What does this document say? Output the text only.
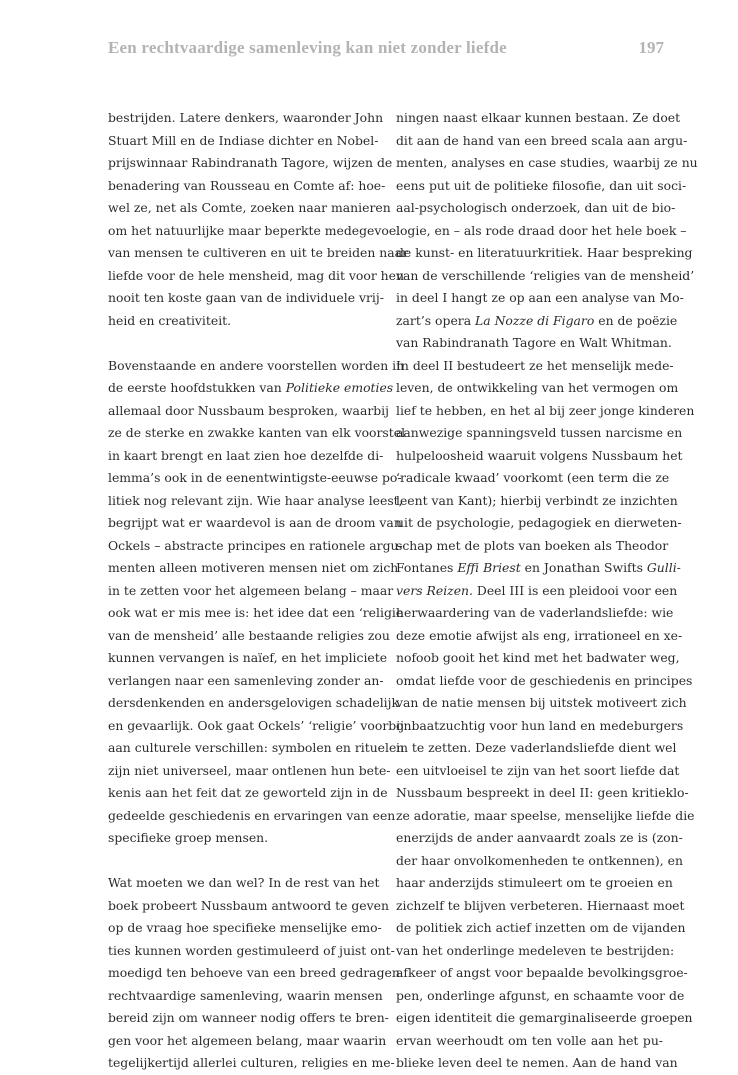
Een rechtvaardige samenleving kan niet zonder liefde	197
bestrijden. Latere denkers, waaronder John
Stuart Mill en de Indiase dichter en Nobel-
prijswinnaar Rabindranath Tagore, wijzen de
benadering van Rousseau en Comte af: hoe-
wel ze, net als Comte, zoeken naar manieren
om het natuurlijke maar beperkte medegevoel
van mensen te cultiveren en uit te breiden naar
liefde voor de hele mensheid, mag dit voor hen
nooit ten koste gaan van de individuele vrij-
heid en creativiteit.
Bovenstaande en andere voorstellen worden in
de eerste hoofdstukken van Politieke emoties
allemaal door Nussbaum besproken, waarbij
ze de sterke en zwakke kanten van elk voorstel
in kaart brengt en laat zien hoe dezelfde di-
lemma’s ook in de eenentwintigste-eeuwse po-
litiek nog relevant zijn. Wie haar analyse leest,
begrijpt wat er waardevol is aan de droom van
Ockels – abstracte principes en rationele argu-
menten alleen motiveren mensen niet om zich
in te zetten voor het algemeen belang – maar
ook wat er mis mee is: het idee dat een ‘religie
van de mensheid’ alle bestaande religies zou
kunnen vervangen is naïef, en het impliciete
verlangen naar een samenleving zonder an-
dersdenkenden en andersgelovigen schadelijk
en gevaarlijk. Ook gaat Ockels’ ‘religie’ voorbij
aan culturele verschillen: symbolen en rituelen
zijn niet universeel, maar ontlenen hun bete-
kenis aan het feit dat ze geworteld zijn in de
gedeelde geschiedenis en ervaringen van een
specifieke groep mensen.
Wat moeten we dan wel? In de rest van het
boek probeert Nussbaum antwoord te geven
op de vraag hoe specifieke menselijke emo-
ties kunnen worden gestimuleerd of juist ont-
moedigd ten behoeve van een breed gedragen
rechtvaardige samenleving, waarin mensen
bereid zijn om wanneer nodig offers te bren-
gen voor het algemeen belang, maar waarin
tegelijkertijd allerlei culturen, religies en me-
ningen naast elkaar kunnen bestaan. Ze doet
dit aan de hand van een breed scala aan argu-
menten, analyses en case studies, waarbij ze nu
eens put uit de politieke filosofie, dan uit soci-
aal-psychologisch onderzoek, dan uit de bio-
logie, en – als rode draad door het hele boek –
de kunst- en literatuurkritiek. Haar bespreking
van de verschillende ‘religies van de mensheid’
in deel I hangt ze op aan een analyse van Mo-
zart’s opera La Nozze di Figaro en de poëzie
van Rabindranath Tagore en Walt Whitman.
In deel II bestudeert ze het menselijk mede-
leven, de ontwikkeling van het vermogen om
lief te hebben, en het al bij zeer jonge kinderen
aanwezige spanningsveld tussen narcisme en
hulpeloosheid waaruit volgens Nussbaum het
‘radicale kwaad’ voorkomt (een term die ze
leent van Kant); hierbij verbindt ze inzichten
uit de psychologie, pedagogiek en dierweten-
schap met de plots van boeken als Theodor
Fontanes Effi Briest en Jonathan Swifts Gulli-
vers Reizen. Deel III is een pleidooi voor een
herwaardering van de vaderlandsliefde: wie
deze emotie afwijst als eng, irrationeel en xe-
nofoob gooit het kind met het badwater weg,
omdat liefde voor de geschiedenis en principes
van de natie mensen bij uitstek motiveert zich
onbaatzuchtig voor hun land en medeburgers
in te zetten. Deze vaderlandsliefde dient wel
een uitvloeisel te zijn van het soort liefde dat
Nussbaum bespreekt in deel II: geen kritieklo-
ze adoratie, maar speelse, menselijke liefde die
enerzijds de ander aanvaardt zoals ze is (zon-
der haar onvolkomenheden te ontkennen), en
haar anderzijds stimuleert om te groeien en
zichzelf te blijven verbeteren. Hiernaast moet
de politiek zich actief inzetten om de vijanden
van het onderlinge medeleven te bestrijden:
afkeer of angst voor bepaalde bevolkingsgroe-
pen, onderlinge afgunst, en schaamte voor de
eigen identiteit die gemarginaliseerde groepen
ervan weerhoudt om ten volle aan het pu-
blieke leven deel te nemen. Aan de hand van
